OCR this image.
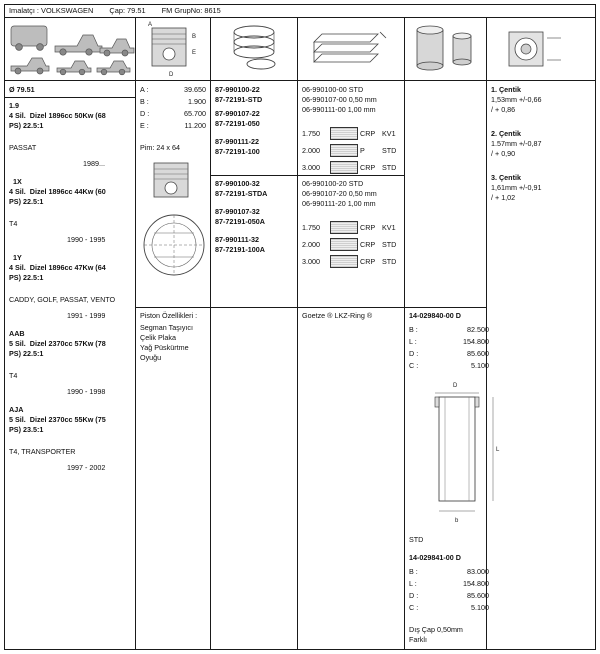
Imalatçı : VOLKSWAGEN Çap: 79.51 FM GrupNo: 8615
A
B
E
D
Ø 79.51
1.9
4 Sil.  Dizel 1896cc 50Kw (68
PS) 22.5:1
PASSAT
1989...
1X
4 Sil.  Dizel 1896cc 44Kw (60
PS) 22.5:1
T4
1990 - 1995
1Y
4 Sil.  Dizel 1896cc 47Kw (64
PS) 22.5:1
CADDY, GOLF, PASSAT, VENTO
1991 - 1999
AAB
5 Sil.  Dizel 2370cc 57Kw (78
PS) 22.5:1
T4
1990 - 1998
AJA
5 Sil.  Dizel 2370cc 55Kw (75
PS) 23.5:1
T4, TRANSPORTER
1997 - 2002
A :	39.650
B :	1.900
D :	65.700
E :	11.200
Pim: 24 x 64
Piston Özellikleri :
Segman Taşıyıcı
Çelik Plaka
Yağ Püskürtme
Oyuğu
87-990100-22
87-72191-STD
87-990107-22
87-72191-050
87-990111-22
87-72191-100
87-990100-32
87-72191-STDA
87-990107-32
87-72191-050A
87-990111-32
87-72191-100A
06-990100-00 STD
06-990107-00 0,50 mm
06-990111-00 1,00 mm
1.750	CRP KV1
2.000	P STD
3.000	CRP STD
06-990100-20 STD
06-990107-20 0,50 mm
06-990111-20 1,00 mm
1.750	CRP KV1
2.000	CRP STD
3.000	CRP STD
Goetze ® LKZ-Ring ®
1. Çentik
1,53mm +/-0,66
/ + 0,86
2. Çentik
1.57mm +/-0,87
/ + 0,90
3. Çentik
1,61mm +/-0,91
/ + 1,02
14-029840-00 D
B :	82.500
L :	154.800
D :	85.600
C :	5.100
D
L
b
STD
14-029841-00 D
B :	83.000
L :	154.800
D :	85.600
C :	5.100
Dış Çap 0,50mm
Farklı
